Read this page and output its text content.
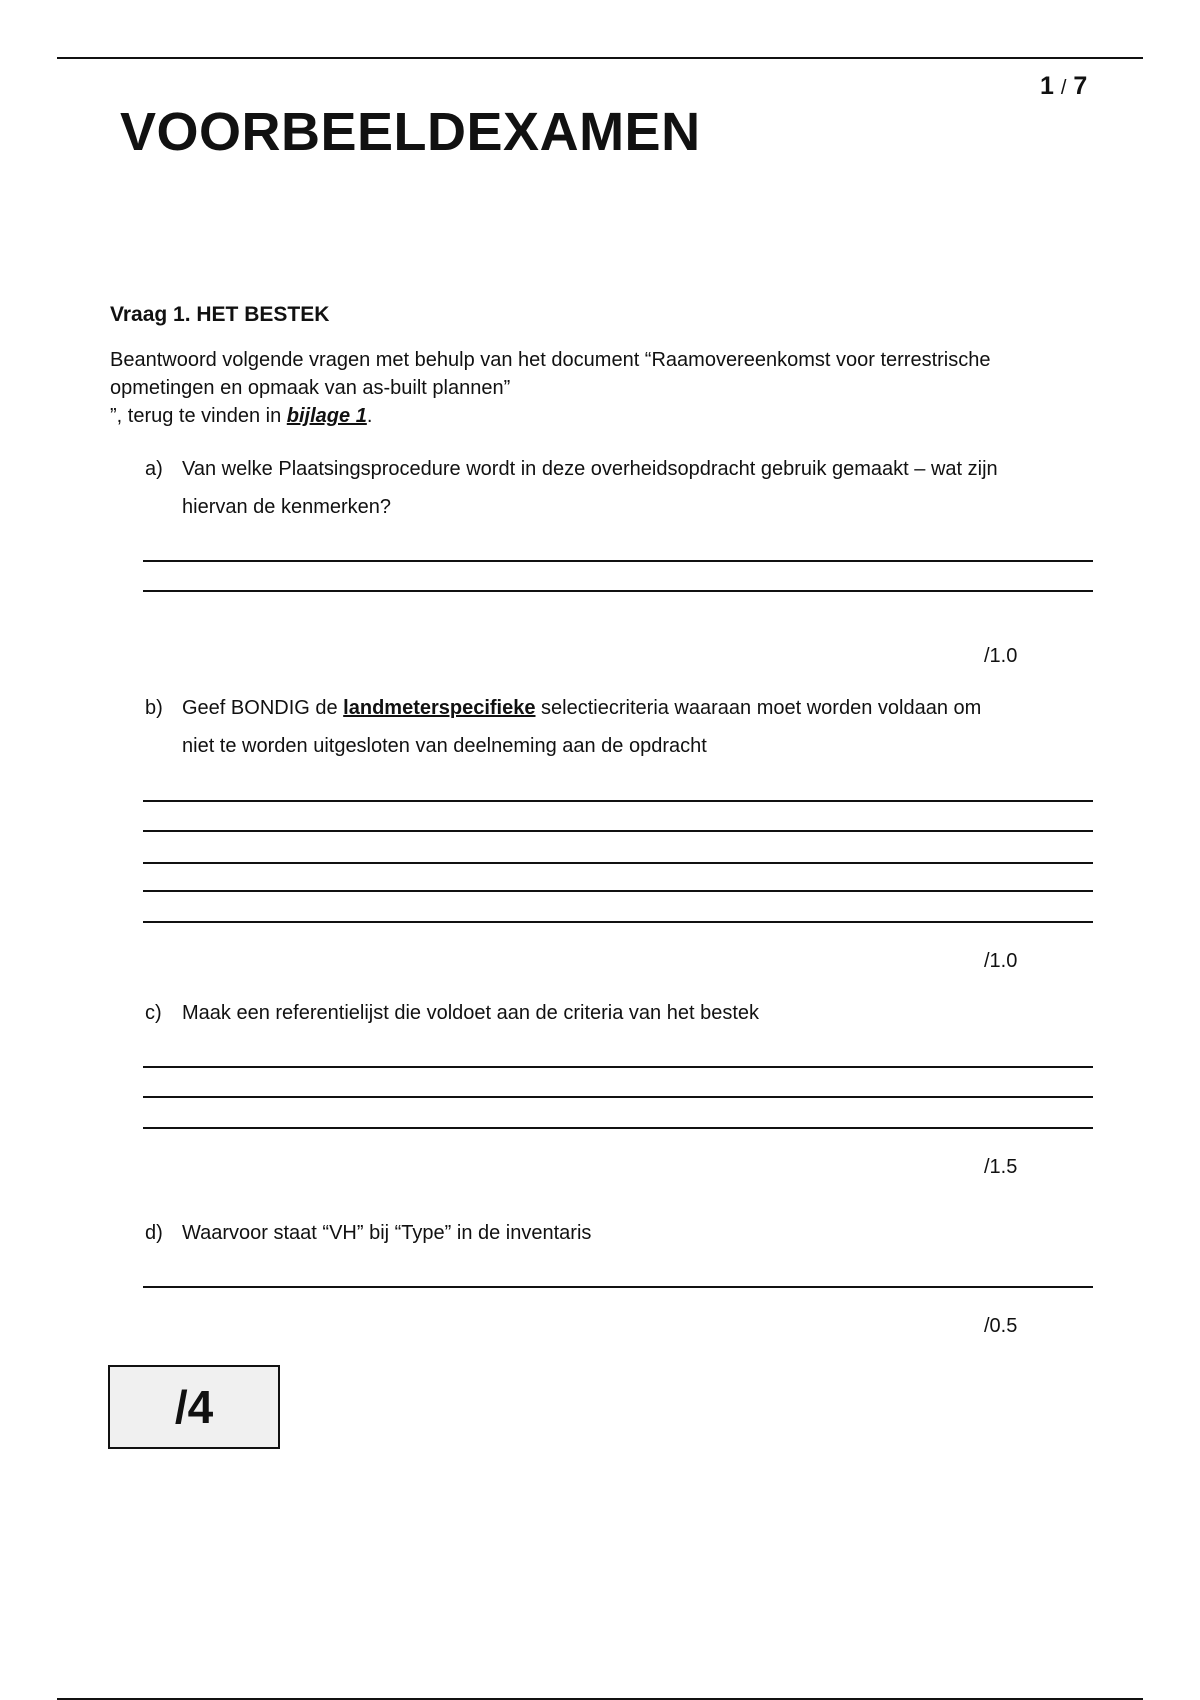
1 / 7
VOORBEELDEXAMEN
Vraag 1. HET BESTEK

Beantwoord volgende vragen met behulp van het document “Raamovereenkomst voor terrestrische
opmetingen en opmaak van as-built plannen”
”, terug te vinden in bijlage 1.

a) Van welke Plaatsingsprocedure wordt in deze overheidsopdracht gebruik gemaakt – wat zijn
hiervan de kenmerken?
/1.0
b) Geef BONDIG de landmeterspecifieke selectiecriteria waaraan moet worden voldaan om
niet te worden uitgesloten van deelneming aan de opdracht
/1.0
c) Maak een referentielijst die voldoet aan de criteria van het bestek
/1.5
d) Waarvoor staat “VH” bij “Type” in de inventaris
/0.5
/4
